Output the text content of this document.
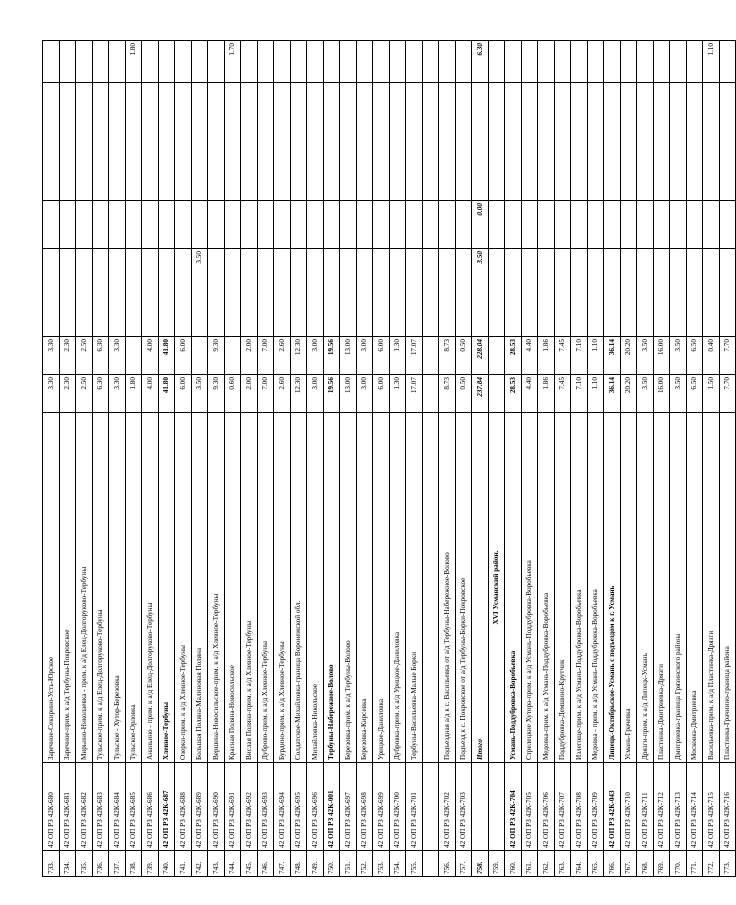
733.	42 ОП РЗ 42К-680	Заречное-Секирино-Усть-Юрское	3.30	3.30				
734.	42 ОП РЗ 42К-681	Заречное-прим. к а/д Тербуны-Покровское	2.30	2.30				
735.	42 ОП РЗ 42К-682	Мирьино-Николаевка - прим. к а/д Елец-Долгоруково-Тербуны	2.50	2.50				
736.	42 ОП РЗ 42К-683	Тульское-прим. к а/д Елец-Долгоруково-Тербуны	6.30	6.30				
737.	42 ОП РЗ 42К-684	Тульское - Хутор-Березовка	3.30	3.30				
738.	42 ОП РЗ 42К-685	Тульское-Орловка	1.80					1.80
739.	42 ОП РЗ 42К-686	Ананьино - прим. к а/д Елец-Долгоруково-Тербуны	4.00	4.00				
740.	42 ОП РЗ 42К-687	Хлевное-Тербуны	41.80	41.80				
741.	42 ОП РЗ 42К-688	Озерки-прим. к а/д Хлевное-Тербуны	6.00	6.00				
742.	42 ОП РЗ 42К-689	Большая Поляна-Малиновая Поляна	3.50		3.50			
743.	42 ОП РЗ 42К-690	Вершина-Новосильское-прим. к а/д Хлевное-Тербуны	9.30	9.30				
744.	42 ОП РЗ 42К-691	Красная Поляна-Новосильское	0.60					1.70
745.	42 ОП РЗ 42К-692	Вислая Поляна-прим. к а/д Хлевное-Тербуны	2.00	2.00				
746.	42 ОП РЗ 42К-693	Дуброво-прим. к а/д Хлевное-Тербуны	7.00	7.00				
747.	42 ОП РЗ 42К-694	Бурдино-прим. к а/д Хлевное-Тербуны	2.60	2.60				
748.	42 ОП РЗ 42К-695	Солдатское-Михайловка-граница Воронежской обл.	12.30	12.30				
749.	42 ОП РЗ 42К-696	Михайловка-Никольское	3.00	3.00				
750.	42 ОП РЗ 42К-001	Тербуны-Набережное-Волово	19.56	19.56				
751.	42 ОП РЗ 42К-697	Березовка-прим. к а/д Тербуны-Волово	13.00	13.00				
752.	42 ОП РЗ 42К-698	Березовка-Кирсевка	3.00	3.00				
753.	42 ОП РЗ 42К-699	Урицкое-Даниловка	6.00	6.00				
754.	42 ОП РЗ 42К-700	Дубровка-прим. к а/д Урицкое-Даниловка	1.30	1.30				
755.	42 ОП РЗ 42К-701	Тербуны-Васильевка-Малые Борки	17.07	17.07				

756.	42 ОП РЗ 42К-702	Подъездная а/д к с. Васильевка от а/д Тербуны-Набережное-Волово	8.73	8.73				
757.	42 ОП РЗ 42К-703	Подъезд к с. Покровское от а/д Тербуны-Борки-Покровское	0.50	0.50				
758.		Итого	237.84	228.04	3.50	0.00		6.30
759.		XVI Усманский район.						
760.	42 ОП РЗ 42К-704	Усмань-Поддубровка-Воробьевка	28.53	28.53				
761.	42 ОП РЗ 42К-705	Стрелецкие Хутора-прим. к а/д Усмань-Поддубровка-Воробьевка	4.40	4.40				
762.	42 ОП РЗ 42К-706	Медовка-прим. к а/д Усмань-Поддубровка-Воробьевка	1.86	1.86				
763.	42 ОП РЗ 42К-707	Поддубровка-Демшино-Крутчик	7.45	7.45				
764.	42 ОП РЗ 42К-708	Излегоще-прим. к а/д Усмань-Поддубровка-Воробьевка	7.10	7.10				
765.	42 ОП РЗ 42К-709	Медовка - прим. к а/д Усмань-Поддубровка-Воробьевка	1.10	1.10				
766.	42 ОП РЗ 42К-043	Липецк-Октябрьское-Усмань с подъездом к г. Усмань	36.14	36.14				
767.	42 ОП РЗ 42К-710	Усмань-Грачевка	20.20	20.20				
768.	42 ОП РЗ 42К-711	Дрязги-прим. к а/д Липецк-Усмань	3.50	3.50				
769.	42 ОП РЗ 42К-712	Пластинка-Дмитриевка-Дрязги	16.00	16.00				
770.	42 ОП РЗ 42К-713	Дмитриевка-граница Грязинского района	3.50	3.50				
771.	42 ОП РЗ 42К-714	Московка-Дмитриевка	6.50	6.50				
772.	42 ОП РЗ 42К-715	Васильевка-прим. к а/д Пластинка-Дрязги	1.50	0.40				1.10
773.	42 ОП РЗ 42К-716	Пластинка-Грачиино-граница района	7.70	7.70				
